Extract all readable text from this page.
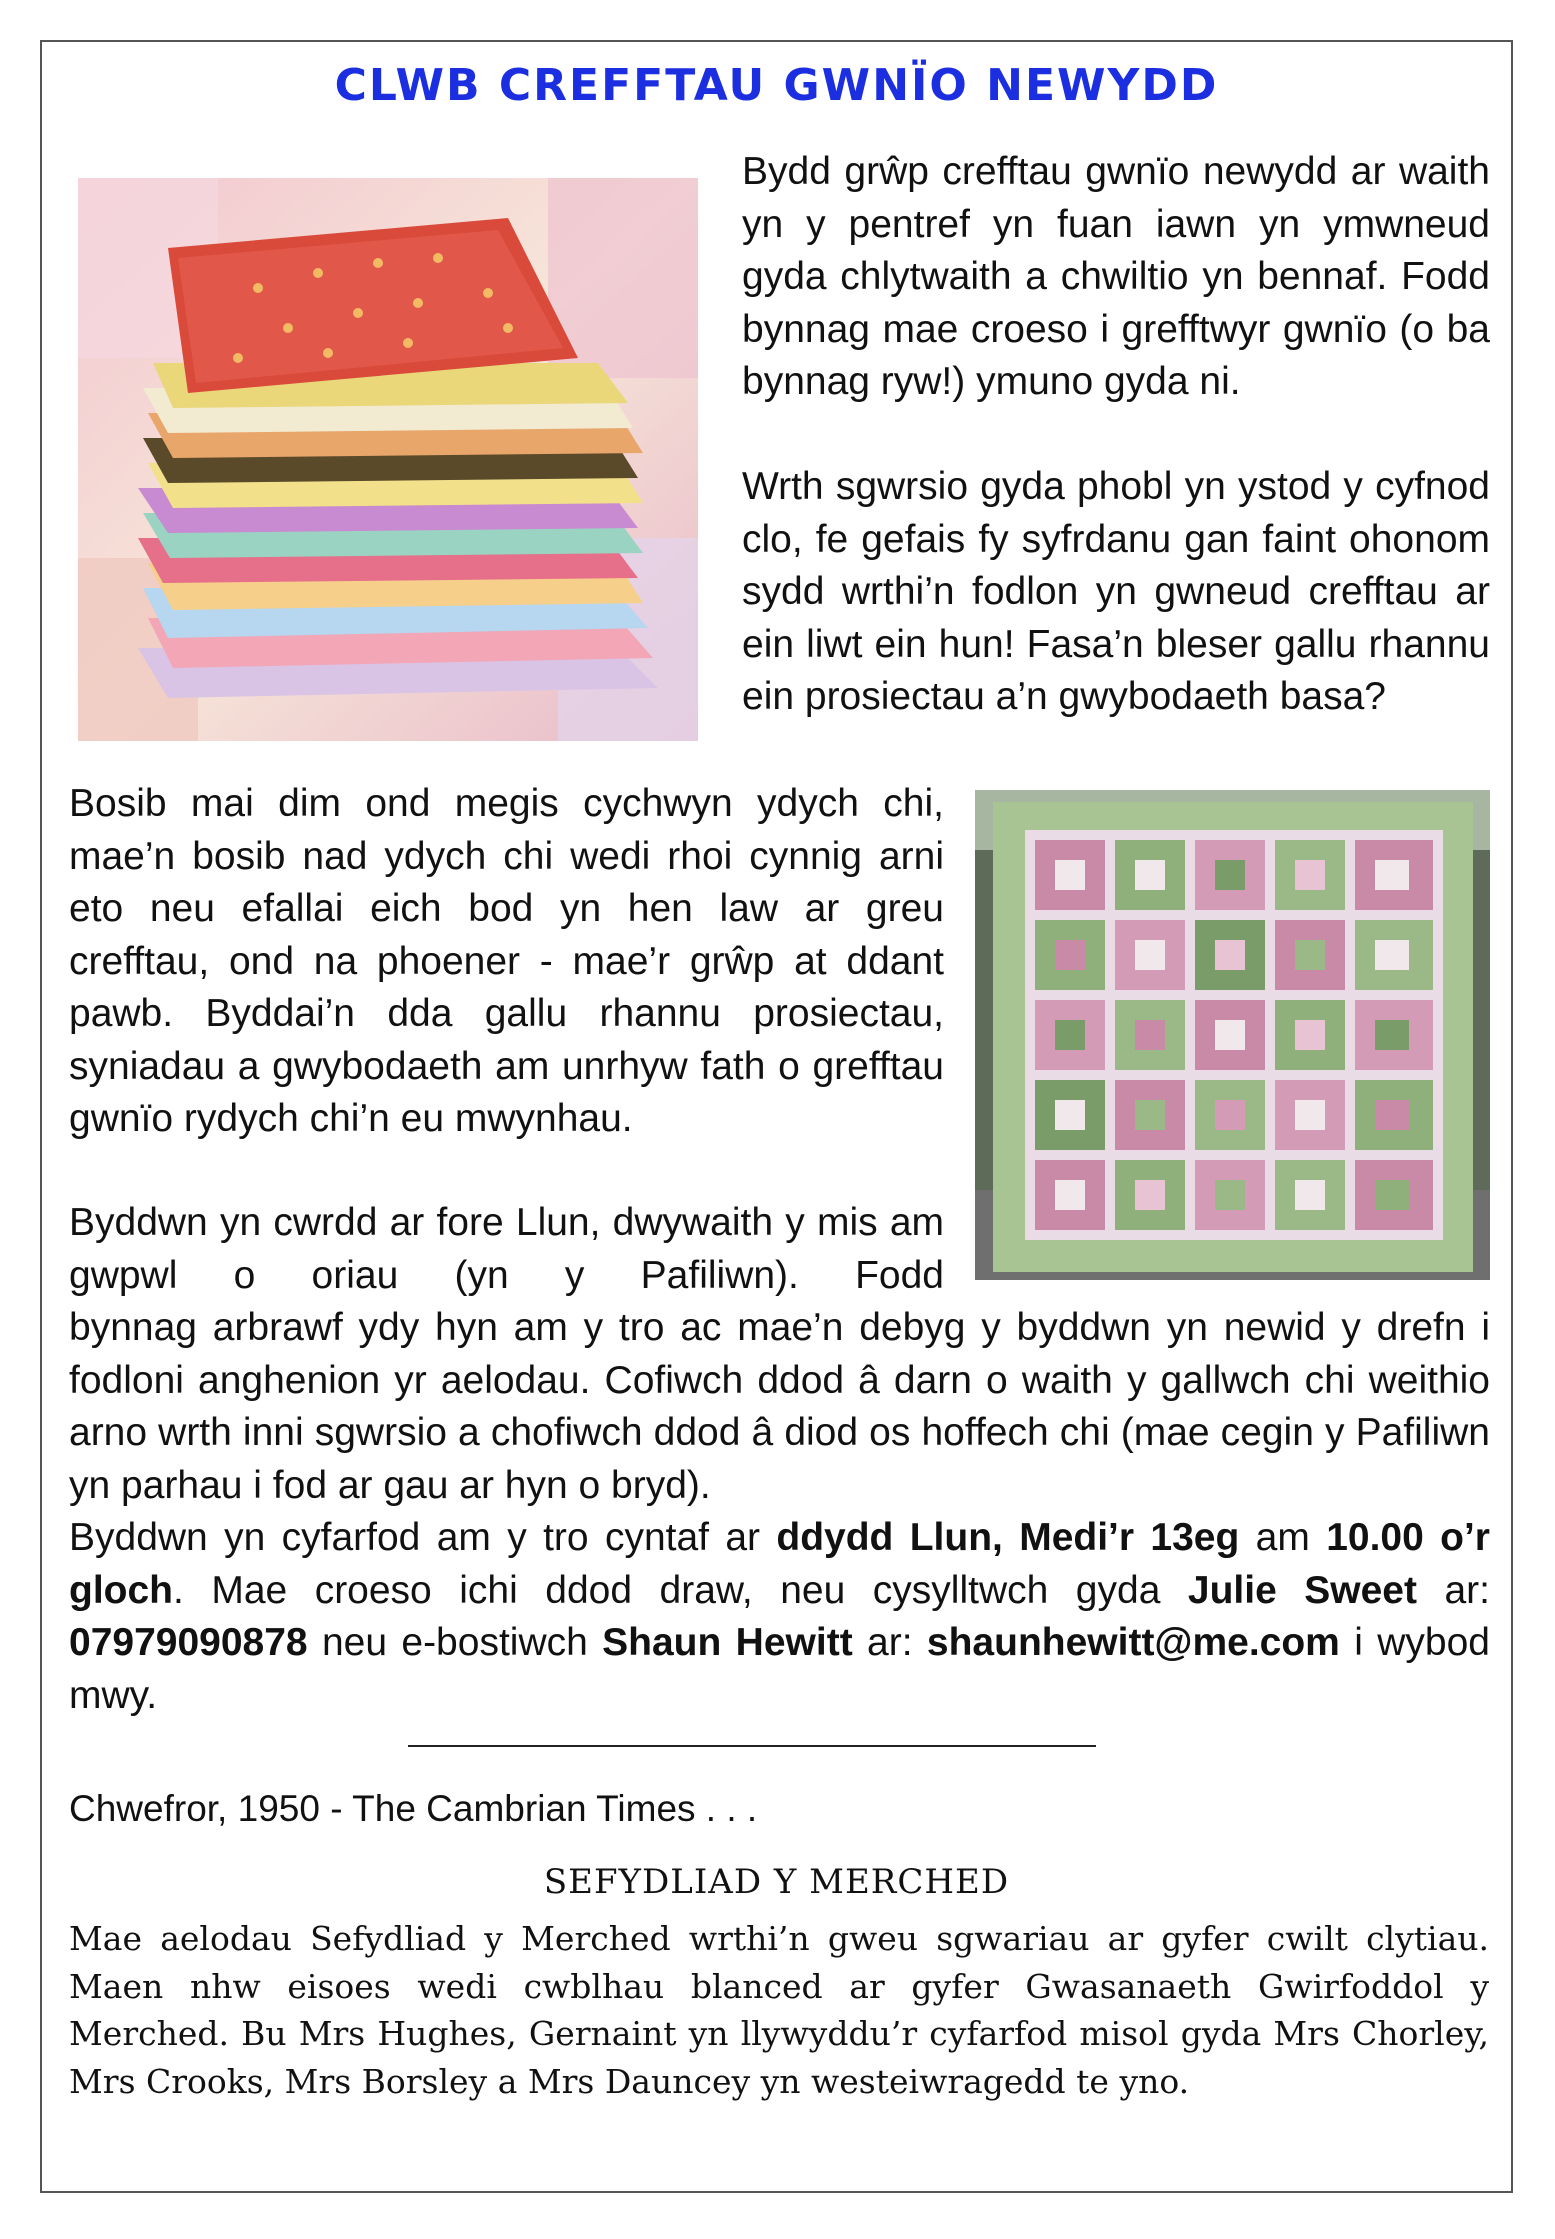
CLWB CREFFTAU GWNÏO NEWYDD

Bydd grŵp crefftau gwnïo newydd ar waith yn y pentref yn fuan iawn yn ymwneud gyda chlytwaith a chwiltio yn bennaf. Fodd bynnag mae croeso i grefftwyr gwnïo (o ba bynnag ryw!) ymuno gyda ni.

Wrth sgwrsio gyda phobl yn ystod y cyfnod clo, fe gefais fy syfrdanu gan faint ohonom sydd wrthi’n fodlon yn gwneud crefftau ar ein liwt ein hun! Fasa’n bleser gallu rhannu ein prosiectau a’n gwybodaeth basa?

Bosib mai dim ond megis cychwyn ydych chi, mae’n bosib nad ydych chi wedi rhoi cynnig arni eto neu efallai eich bod yn hen law ar greu crefftau, ond na phoener - mae’r grŵp at ddant pawb. Byddai’n dda gallu rhannu prosiectau, syniadau a gwybodaeth am unrhyw fath o grefftau gwnïo rydych chi’n eu mwynhau.

Byddwn yn cwrdd ar fore Llun, dwywaith y mis am gwpwl o oriau (yn y Pafiliwn). Fodd

bynnag arbrawf ydy hyn am y tro ac mae’n debyg y byddwn yn newid y drefn i fodloni anghenion yr aelodau. Cofiwch ddod â darn o waith y gallwch chi weithio arno wrth inni sgwrsio a chofiwch ddod â diod os hoffech chi (mae cegin y Pafiliwn yn parhau i fod ar gau ar hyn o bryd).

Byddwn yn cyfarfod am y tro cyntaf ar ddydd Llun, Medi’r 13eg am 10.00 o’r gloch. Mae croeso ichi ddod draw, neu cysylltwch gyda Julie Sweet ar: 07979090878 neu e-bostiwch Shaun Hewitt ar: shaunhewitt@me.com i wybod mwy.

Chwefror, 1950 - The Cambrian Times . . .
SEFYDLIAD Y MERCHED

Mae aelodau Sefydliad y Merched wrthi’n gweu sgwariau ar gyfer cwilt clytiau. Maen nhw eisoes wedi cwblhau blanced ar gyfer Gwasanaeth Gwirfoddol y Merched. Bu Mrs Hughes, Gernaint yn llywyddu’r cyfarfod misol gyda Mrs Chorley, Mrs Crooks, Mrs Borsley a Mrs Dauncey yn westeiwragedd te yno.
